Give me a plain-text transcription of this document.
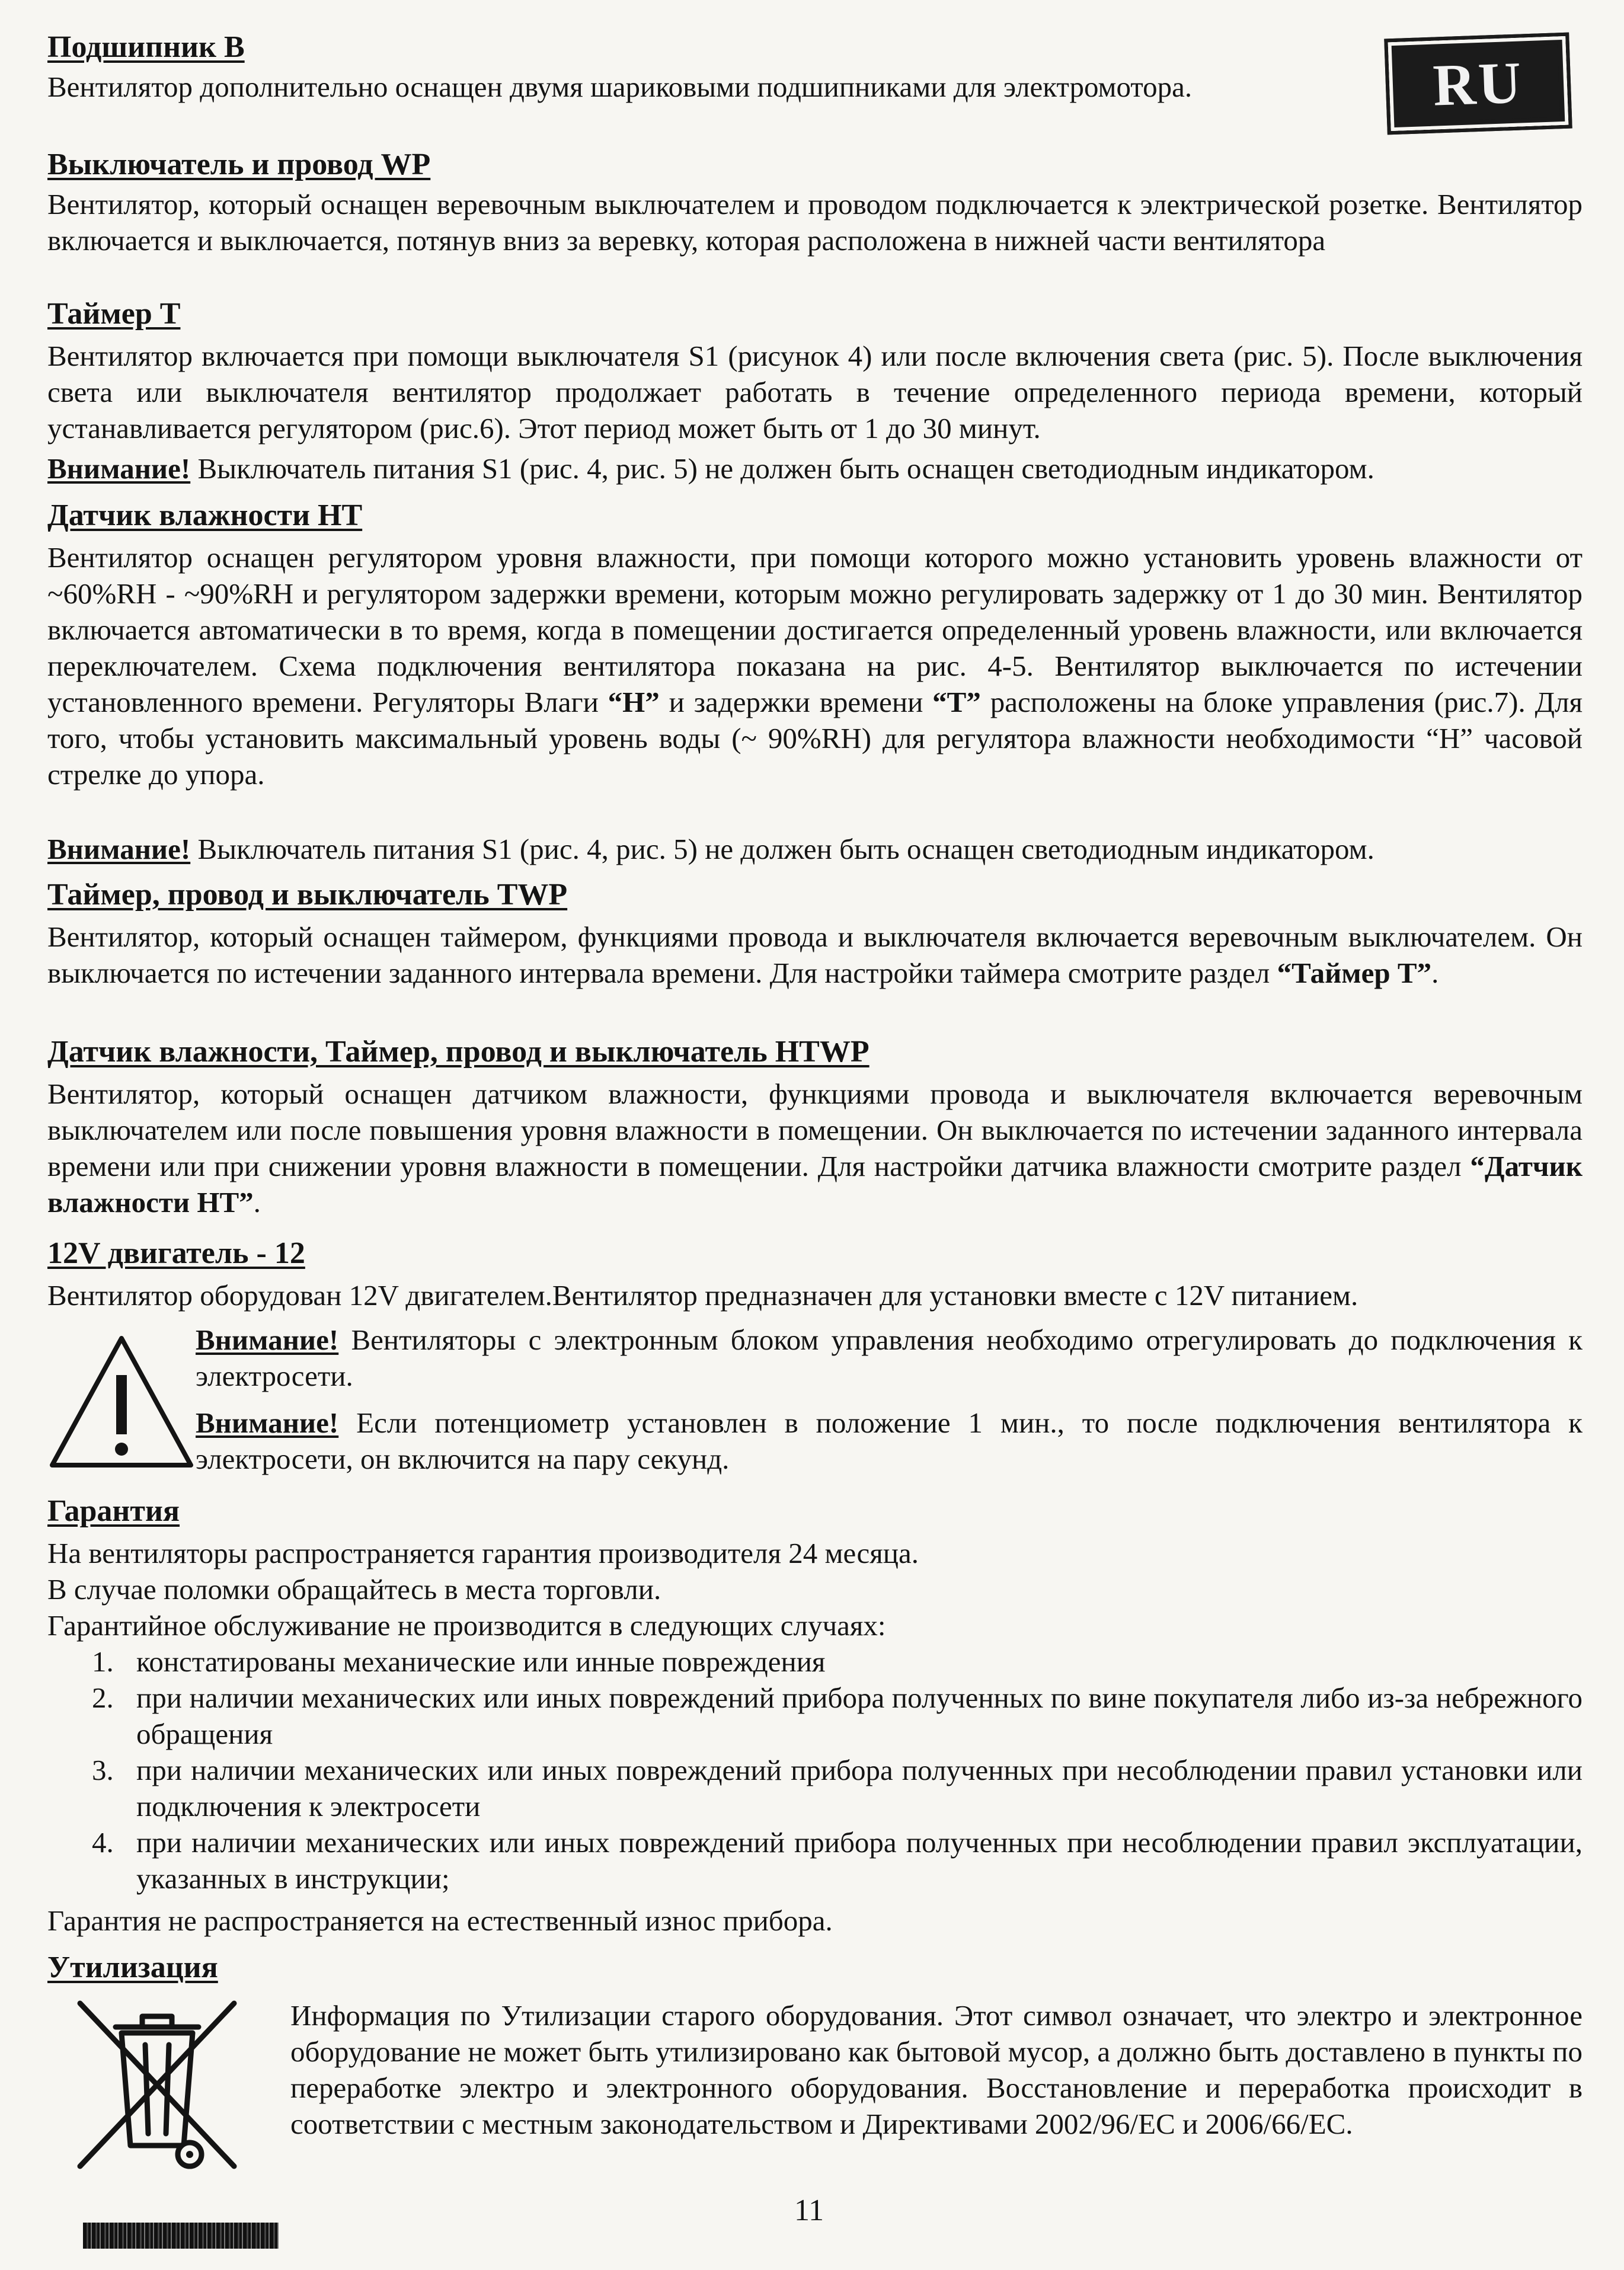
RU
Подшипник B
Вентилятор дополнительно оснащен двумя шариковыми подшипниками для электромотора.
Выключатель и провод WP
Вентилятор, который оснащен веревочным выключателем и проводом подключается к электрической розетке. Вентилятор включается и выключается, потянув вниз за веревку, которая расположена в нижней части вентилятора
Таймер T
Вентилятор включается при помощи выключателя S1 (рисунок 4) или после включения света (рис. 5). После выключения света или выключателя вентилятор продолжает работать в течение определенного периода времени, который устанавливается регулятором (рис.6). Этот период может быть от 1 до 30 минут.
Внимание! Выключатель питания S1 (рис. 4, рис. 5) не должен быть оснащен светодиодным индикатором.
Датчик влажности HT
Вентилятор оснащен регулятором уровня влажности, при помощи которого можно установить уровень влажности от ~60%RH - ~90%RH и регулятором задержки времени, которым можно регулировать задержку от 1 до 30 мин. Вентилятор включается автоматически в то время, когда в помещении достигается определенный уровень влажности, или включается переключателем. Схема подключения вентилятора показана на рис. 4-5. Вентилятор выключается по истечении установленного времени. Регуляторы Влаги “H” и задержки времени “T” расположены на блоке управления (рис.7). Для того, чтобы установить максимальный уровень воды (~ 90%RH) для регулятора влажности необходимости “H” часовой стрелке до упора.
Внимание! Выключатель питания S1 (рис. 4, рис. 5) не должен быть оснащен светодиодным индикатором.
Таймер, провод и выключатель TWP
Вентилятор, который оснащен таймером, функциями провода и выключателя включается веревочным выключателем. Он выключается по истечении заданного интервала времени. Для настройки таймера смотрите раздел “Таймер T”.
Датчик влажности, Таймер, провод и выключатель HTWP
Вентилятор, который оснащен датчиком влажности, функциями провода и выключателя включается веревочным выключателем или после повышения уровня влажности в помещении. Он выключается по истечении заданного интервала времени или при снижении уровня влажности в помещении. Для настройки датчика влажности смотрите раздел “Датчик влажности HT”.
12V двигатель - 12
Вентилятор оборудован 12V двигателем.Вентилятор предназначен для установки вместе с 12V питанием.
Внимание! Вентиляторы с электронным блоком управления необходимо отрегулировать до подключения к электросети.
Внимание! Если потенциометр установлен в положение 1 мин., то после подключения вентилятора к электросети, он включится на пару секунд.
Гарантия
На вентиляторы распространяется гарантия производителя 24 месяца.
В случае поломки обращайтесь в места торговли.
Гарантийное обслуживание не производится в следующих случаях:
1. констатированы механические или инные повреждения
2. при наличии механических или иных повреждений прибора полученных по вине покупателя либо из-за небрежного обращения
3. при наличии механических или иных повреждений прибора полученных при несоблюдении правил установки или подключения к электросети
4. при наличии механических или иных повреждений прибора полученных при несоблюдении правил эксплуатации, указанных в инструкции;
Гарантия не распространяется на естественный износ прибора.
Утилизация
Информация по Утилизации старого оборудования. Этот символ означает, что электро и электронное оборудование не может быть утилизировано как бытовой мусор, а должно быть доставлено в пункты по переработке электро и электронного оборудования. Восстановление и переработка происходит в соответствии с местным законодательством и Директивами 2002/96/ЕС и 2006/66/ЕС.
11
